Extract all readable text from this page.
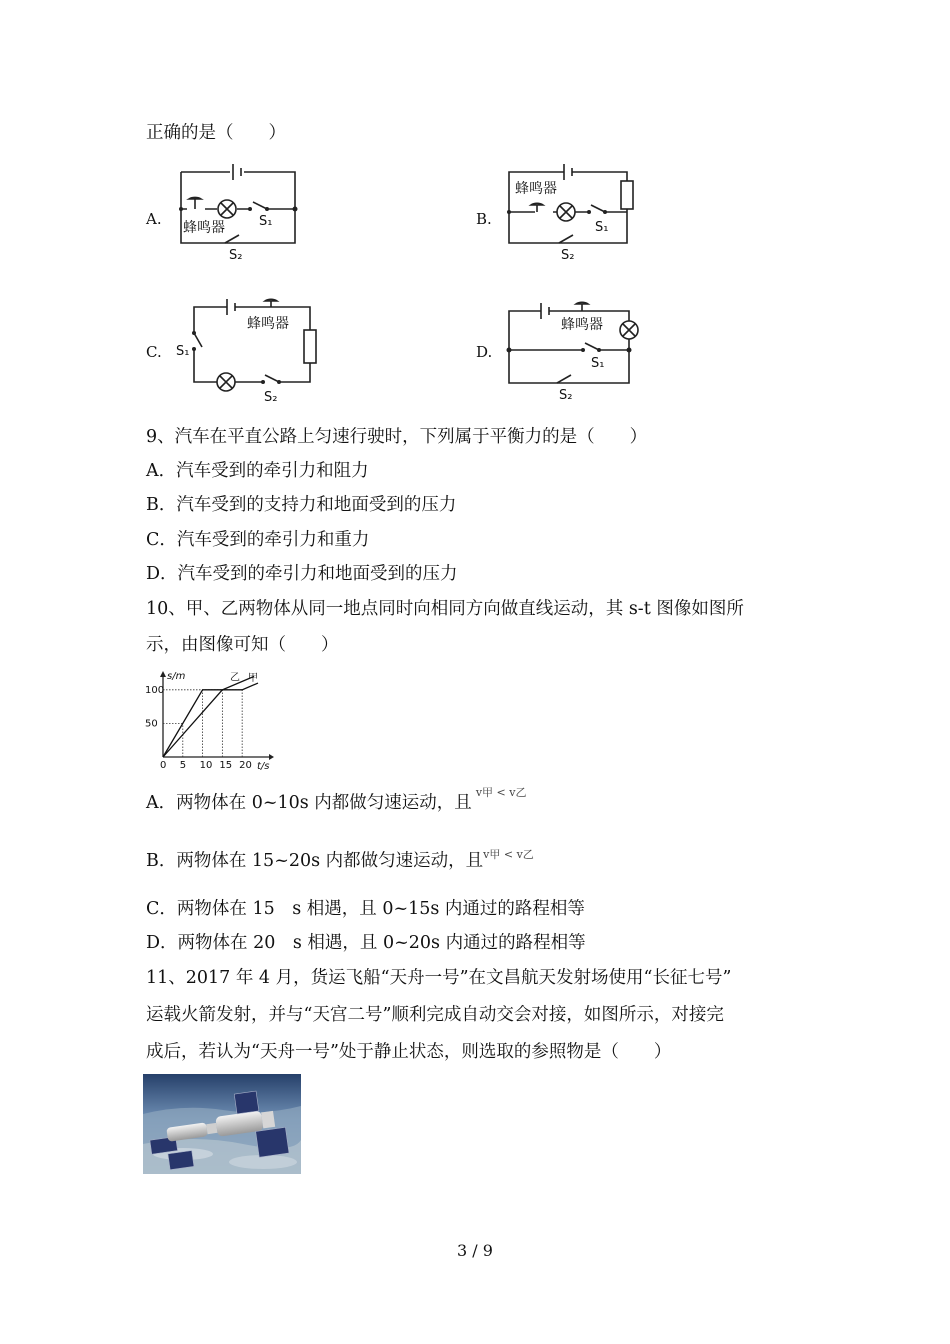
正确的是（　　）
A. 蜂鸣器	S₁
S₂
B.
蜂鸣器
S₁
S₂
C.
蜂鸣器
S₁
S₂
D.
蜂鸣器
S₁
S₂
9、汽车在平直公路上匀速行驶时，下列属于平衡力的是（　　）
A．汽车受到的牵引力和阻力
B．汽车受到的支持力和地面受到的压力
C．汽车受到的牵引力和重力
D．汽车受到的牵引力和地面受到的压力
10、甲、乙两物体从同一地点同时向相同方向做直线运动，其 s-t 图像如图所
示，由图像可知（　　）
0 5 10 15 20
50
100
s/m
t/s
乙 甲
A．两物体在 0~10s 内都做匀速运动，且$^{v甲 < v乙}$
B．两物体在 15~20s 内都做匀速运动，且$^{v甲 < v乙}$
C．两物体在 15　s 相遇，且 0~15s 内通过的路程相等
D．两物体在 20　s 相遇，且 0~20s 内通过的路程相等
11、2017 年 4 月，货运飞船“天舟一号”在文昌航天发射场使用“长征七号”
运载火箭发射，并与“天宫二号”顺利完成自动交会对接，如图所示，对接完
成后，若认为“天舟一号”处于静止状态，则选取的参照物是（　　）
3 / 9
